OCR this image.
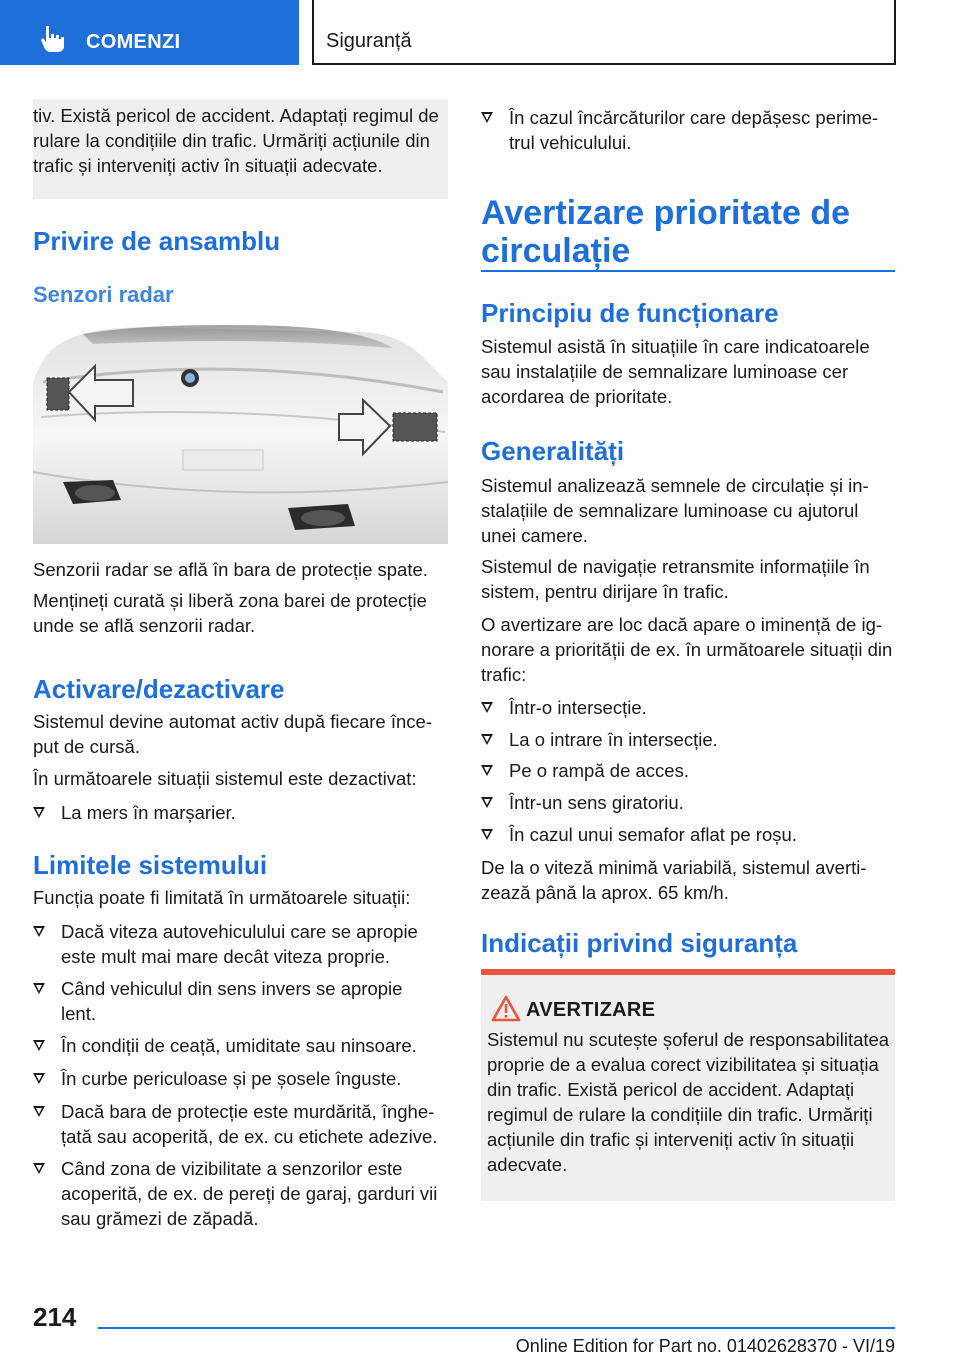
COMENZI	Siguranță
tiv. Există pericol de accident. Adaptați regimul de rulare la condițiile din trafic. Urmăriți acțiunile din trafic și interveniți activ în situații adecvate.
Privire de ansamblu
Senzori radar
Senzorii radar se află în bara de protecție spate.
Mențineți curată și liberă zona barei de protecție unde se află senzorii radar.
Activare/dezactivare
Sistemul devine automat activ după fiecare început de cursă.
În următoarele situații sistemul este dezactivat:
La mers în marșarier.
Limitele sistemului
Funcția poate fi limitată în următoarele situații:
Dacă viteza autovehiculului care se apropie este mult mai mare decât viteza proprie.
Când vehiculul din sens invers se apropie lent.
În condiții de ceață, umiditate sau ninsoare.
În curbe periculoase și pe șosele înguste.
Dacă bara de protecție este murdărită, înghețată sau acoperită, de ex. cu etichete adezive.
Când zona de vizibilitate a senzorilor este acoperită, de ex. de pereți de garaj, garduri vii sau grămezi de zăpadă.
În cazul încărcăturilor care depășesc perimetrul vehiculului.
Avertizare prioritate de circulație
Principiu de funcționare
Sistemul asistă în situațiile în care indicatoarele sau instalațiile de semnalizare luminoase cer acordarea de prioritate.
Generalități
Sistemul analizează semnele de circulație și instalațiile de semnalizare luminoase cu ajutorul unei camere.
Sistemul de navigație retransmite informațiile în sistem, pentru dirijare în trafic.
O avertizare are loc dacă apare o iminență de ignorare a priorității de ex. în următoarele situații din trafic:
Într-o intersecție.
La o intrare în intersecție.
Pe o rampă de acces.
Într-un sens giratoriu.
În cazul unui semafor aflat pe roșu.
De la o viteză minimă variabilă, sistemul avertizează până la aprox. 65 km/h.
Indicații privind siguranța
AVERTIZARE
Sistemul nu scutește șoferul de responsabilitatea proprie de a evalua corect vizibilitatea și situația din trafic. Există pericol de accident. Adaptați regimul de rulare la condițiile din trafic. Urmăriți acțiunile din trafic și interveniți activ în situații adecvate.
214
Online Edition for Part no. 01402628370 - VI/19
